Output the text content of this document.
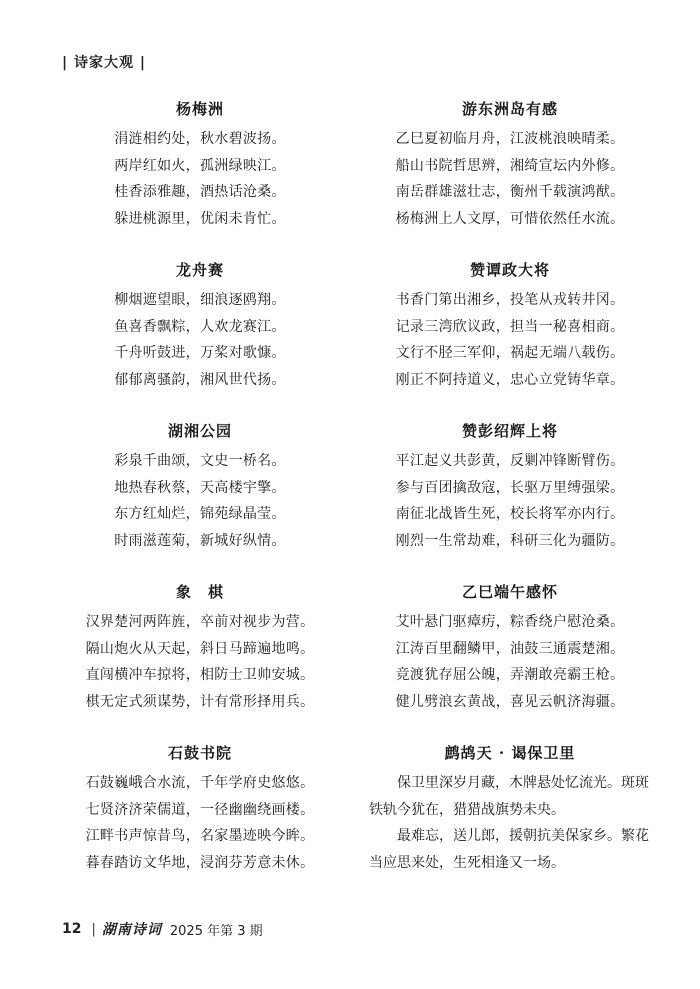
| 诗家大观 |
杨梅洲
涓涟相约处，秋水碧波扬。
两岸红如火，孤洲绿映江。
桂香添雅趣，酒热话沧桑。
躲进桃源里，优闲未肯忙。
龙舟赛
柳烟遮望眼，细浪逐鸥翔。
鱼喜香飘粽，人欢龙赛江。
千舟听鼓进，万桨对歌慷。
郁郁离骚韵，湘风世代扬。
湖湘公园
彩泉千曲颂，文史一桥名。
地热春秋蔡，天高楼宇擎。
东方红灿烂，锦苑绿晶莹。
时雨滋莲菊，新城好纵情。
象　棋
汉界楚河两阵旌，卒前对视步为营。
隔山炮火从天起，斜日马蹄遍地鸣。
直闯横冲车掠将，相防士卫帅安城。
棋无定式须谋势，计有常形择用兵。
石鼓书院
石鼓巍峨合水流，千年学府史悠悠。
七贤济济荣儒道，一径幽幽绕画楼。
江畔书声惊昔鸟，名家墨迹映今眸。
暮春踏访文华地，浸润芬芳意未休。
游东洲岛有感
乙巳夏初临月舟，江波桃浪映晴柔。
船山书院哲思辨，湘绮宣坛内外修。
南岳群雄滋壮志，衡州千载演鸿猷。
杨梅洲上人文厚，可惜依然任水流。
赞谭政大将
书香门第出湘乡，投笔从戎转井冈。
记录三湾欣议政，担当一秘喜相商。
文行不胫三军仰，祸起无端八载伤。
刚正不阿持道义，忠心立党铸华章。
赞彭绍辉上将
平江起义共彭黄，反剿冲锋断臂伤。
参与百团擒敌寇，长驱万里缚强梁。
南征北战皆生死，校长将军亦内行。
刚烈一生常劫难，科研三化为疆防。
乙巳端午感怀
艾叶悬门驱瘴疠，粽香绕户慰沧桑。
江涛百里翻鳞甲，油鼓三通震楚湘。
竞渡犹存屈公魄，弄潮敢亮霸王枪。
健儿劈浪玄黄战，喜见云帆济海疆。
鹧鸪天 · 谒保卫里

保卫里深岁月藏，木牌悬处忆流光。斑斑铁轨今犹在，猎猎战旗势未央。

最难忘，送儿郎，援朝抗美保家乡。繁花当应思来处，生死相逢又一场。

12 | 湖南诗词 2025 年第 3 期
